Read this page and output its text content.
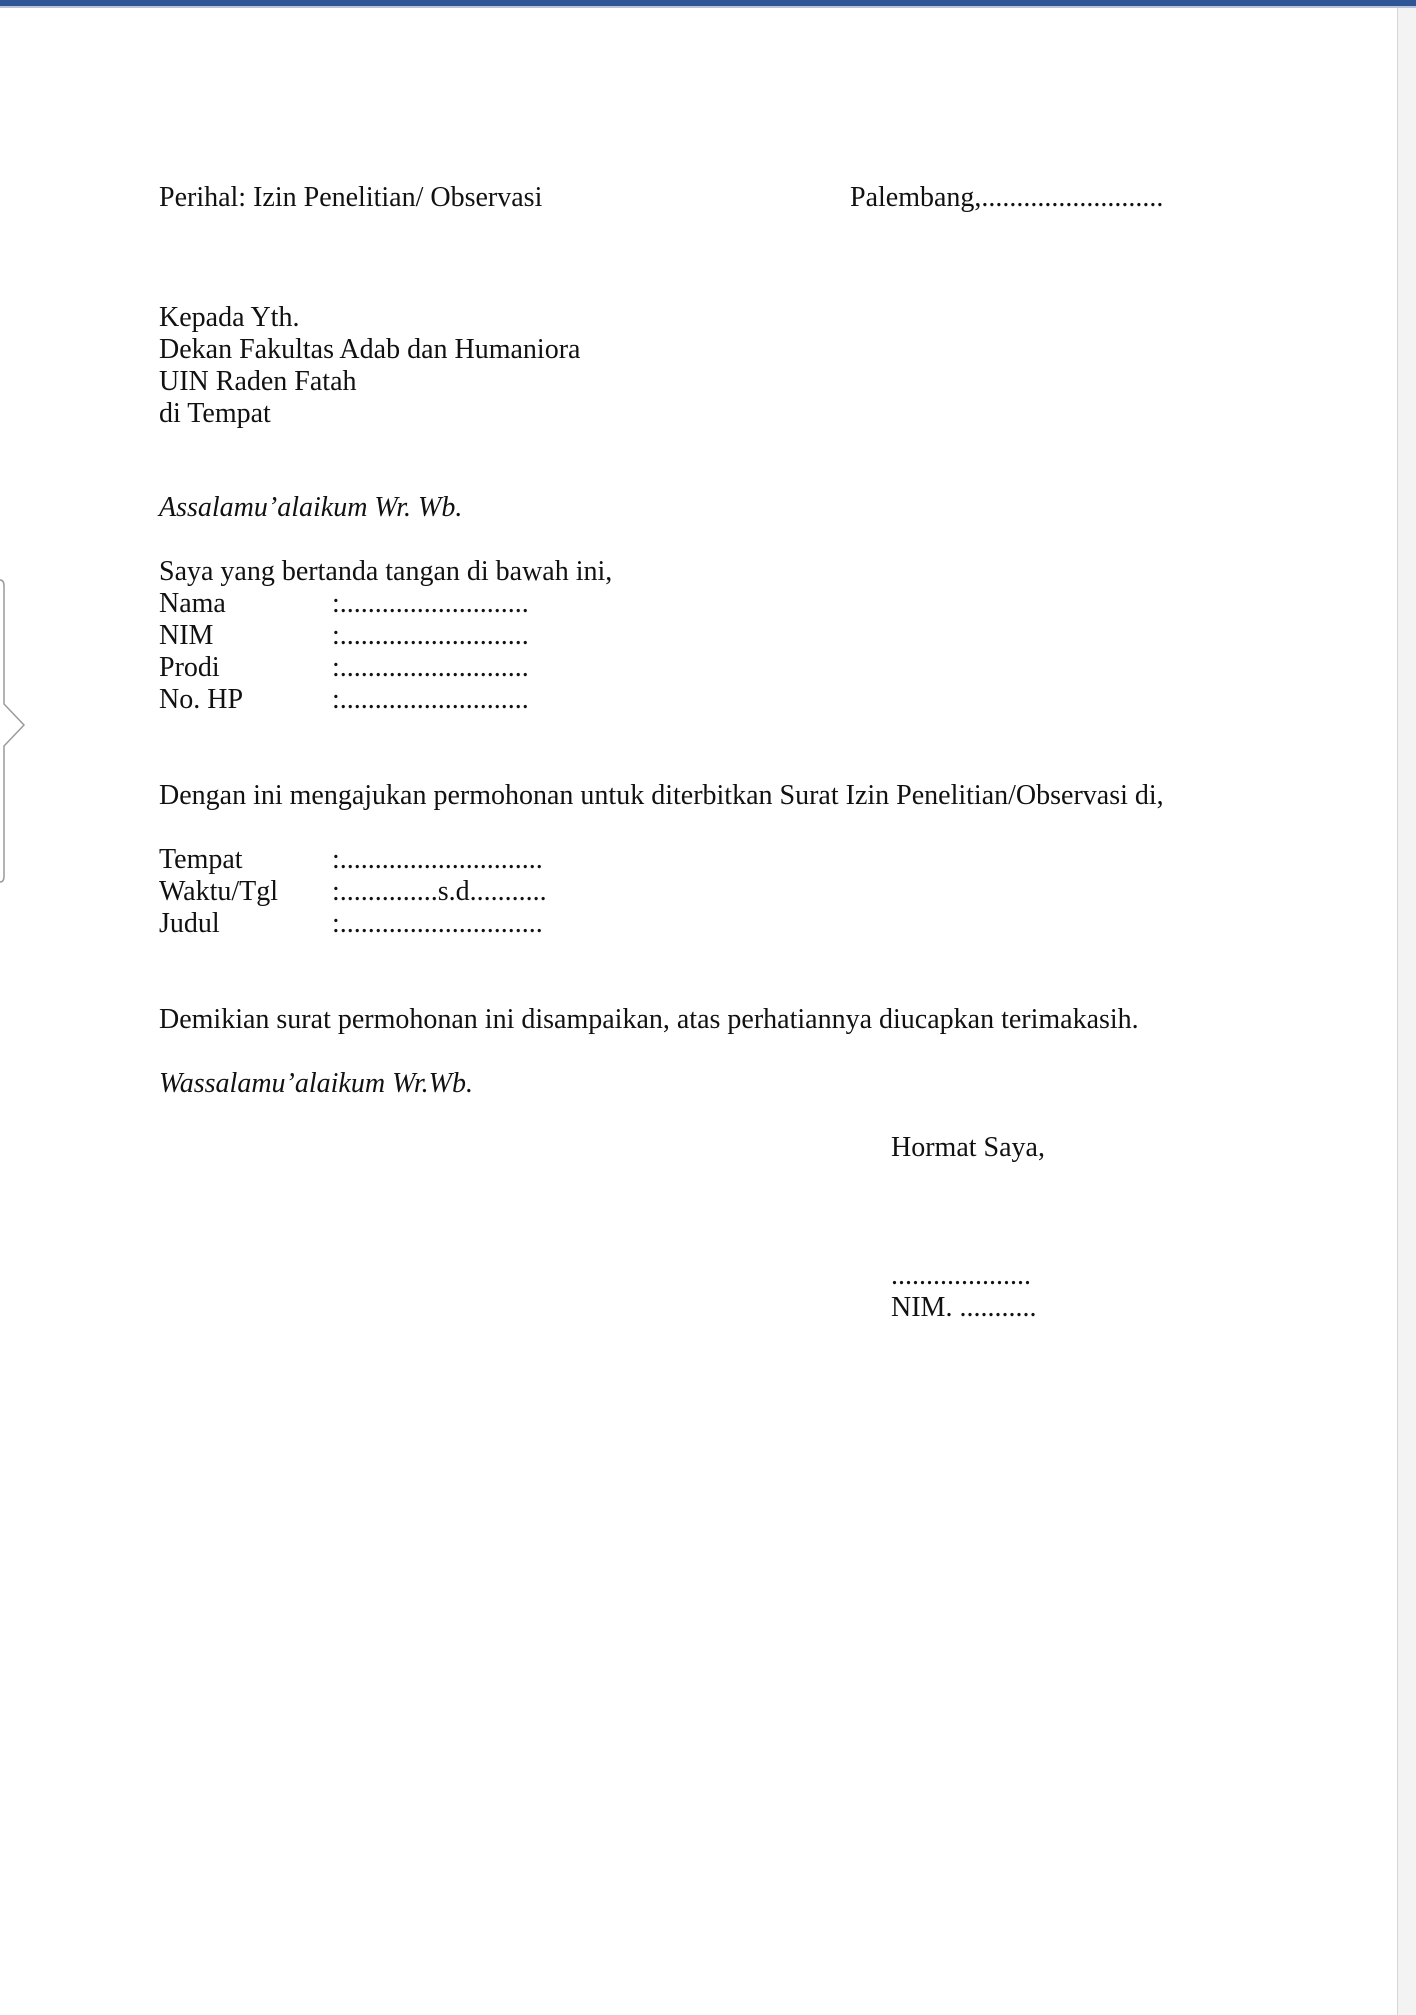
Perihal: Izin Penelitian/ Observasi	Palembang,..........................
Kepada Yth.
Dekan Fakultas Adab dan Humaniora
UIN Raden Fatah
di Tempat
Assalamu’alaikum Wr. Wb.
Saya yang bertanda tangan di bawah ini,
Nama	:...........................
NIM	:...........................
Prodi	:...........................
No. HP	:...........................
Dengan ini mengajukan permohonan untuk diterbitkan Surat Izin Penelitian/Observasi di,
Tempat	:.............................
Waktu/Tgl :..............s.d...........
Judul	:.............................
Demikian surat permohonan ini disampaikan, atas perhatiannya diucapkan terimakasih.
Wassalamu’alaikum Wr.Wb.
Hormat Saya,
....................
NIM. ...........
